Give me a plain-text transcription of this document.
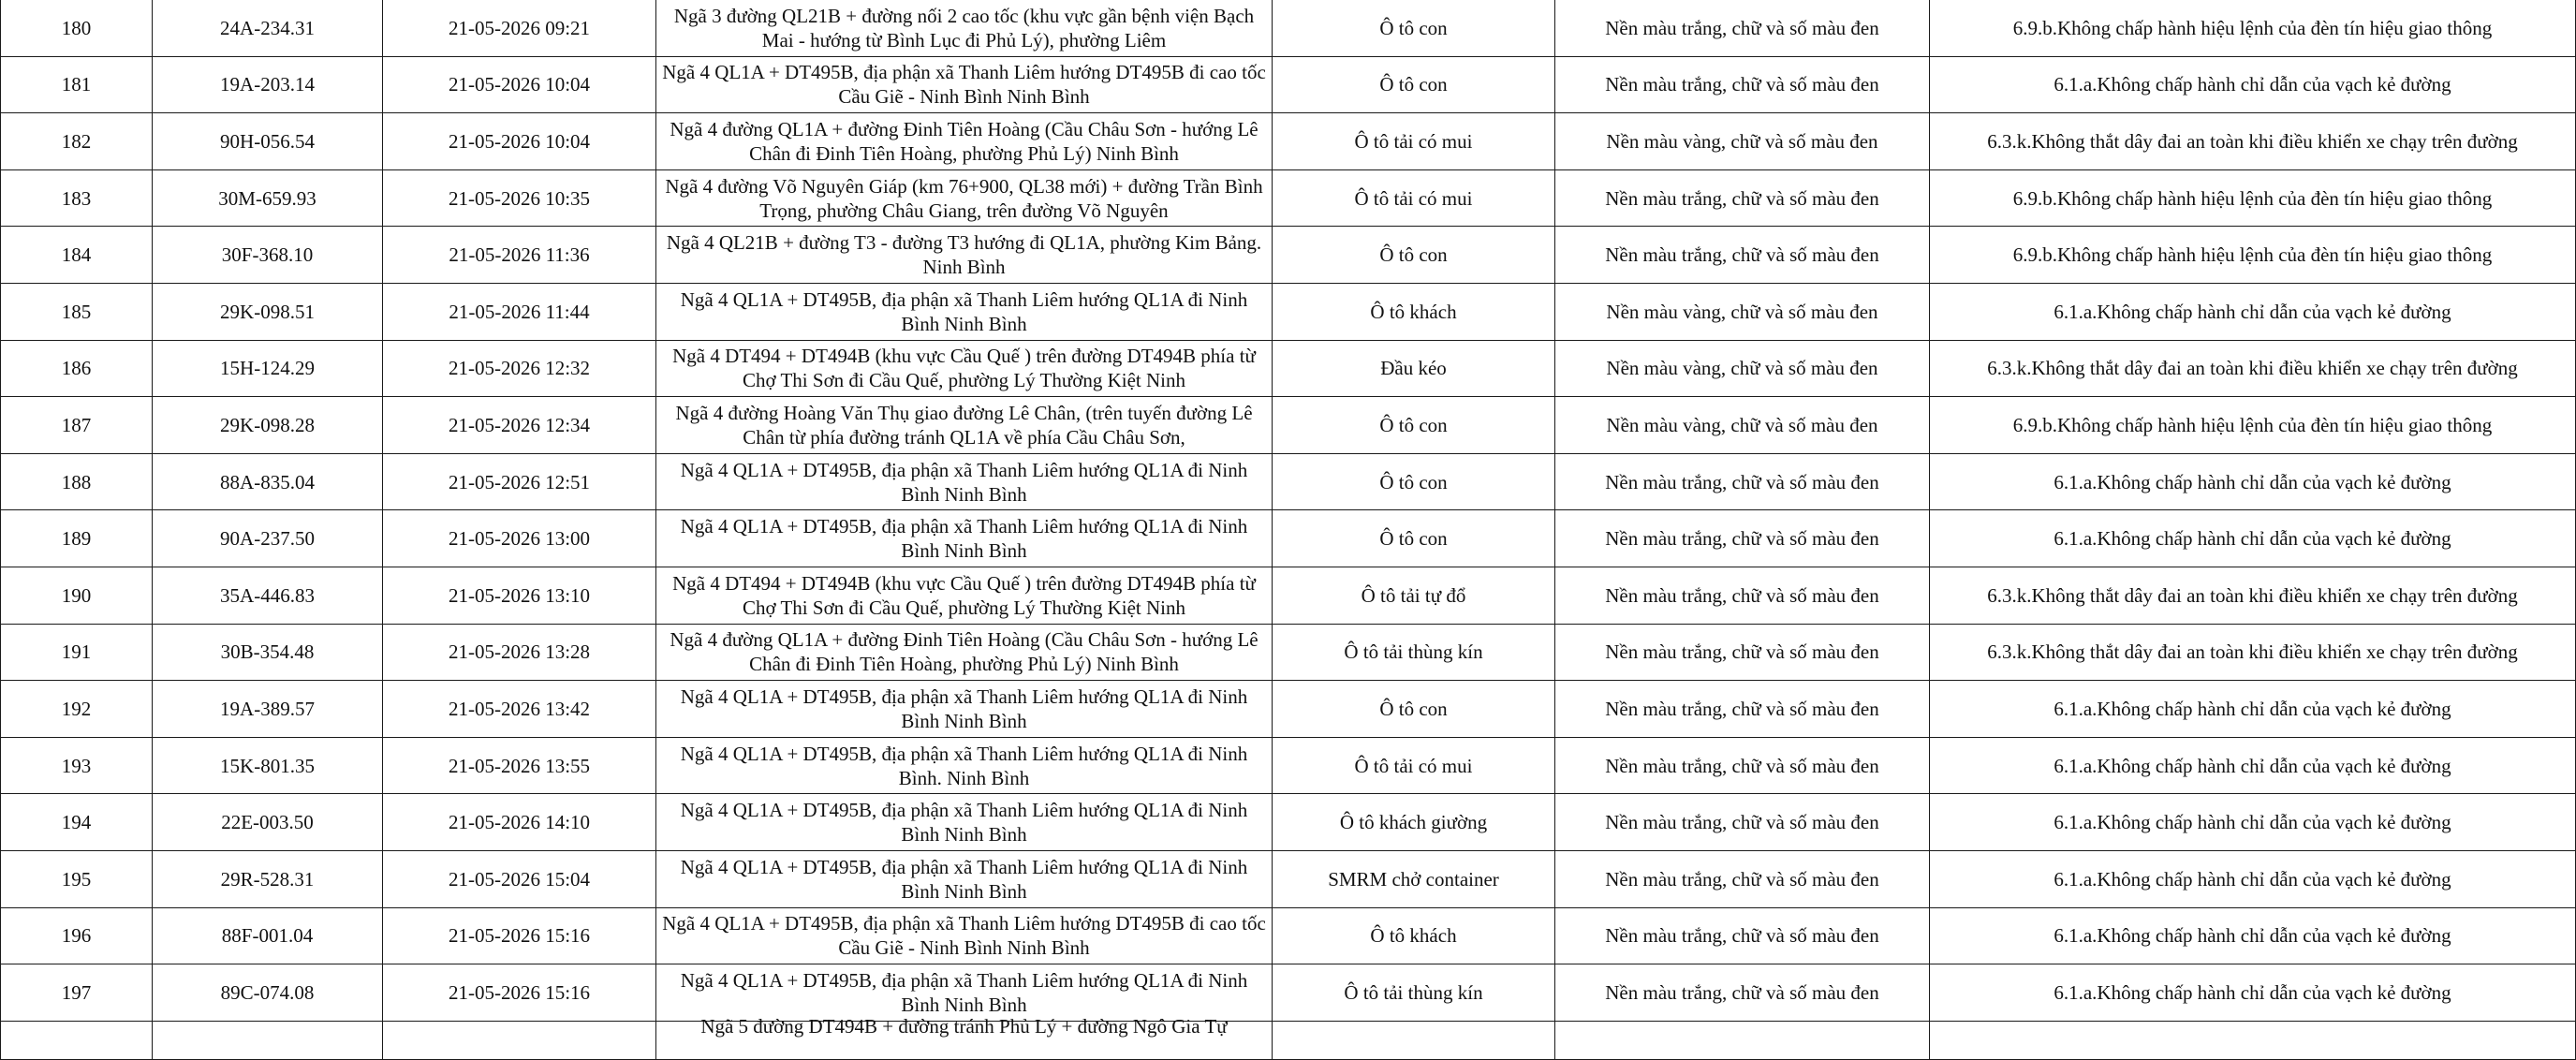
180	24A-234.31	21-05-2026 09:21	Ngã 3 đường QL21B + đường nối 2 cao tốc (khu vực gần bệnh viện Bạch Mai - hướng từ Bình Lục đi Phủ Lý), phường Liêm	Ô tô con	Nền màu trắng, chữ và số màu đen	6.9.b.Không chấp hành hiệu lệnh của đèn tín hiệu giao thông
181	19A-203.14	21-05-2026 10:04	Ngã 4 QL1A + DT495B, địa phận xã Thanh Liêm hướng DT495B đi cao tốc Cầu Giẽ - Ninh Bình Ninh Bình	Ô tô con	Nền màu trắng, chữ và số màu đen	6.1.a.Không chấp hành chỉ dẫn của vạch kẻ đường
182	90H-056.54	21-05-2026 10:04	Ngã 4 đường QL1A + đường Đinh Tiên Hoàng (Cầu Châu Sơn - hướng Lê Chân đi Đinh Tiên Hoàng, phường Phủ Lý) Ninh Bình	Ô tô tải có mui	Nền màu vàng, chữ và số màu đen	6.3.k.Không thắt dây đai an toàn khi điều khiển xe chạy trên đường
183	30M-659.93	21-05-2026 10:35	Ngã 4 đường Võ Nguyên Giáp (km 76+900, QL38 mới) + đường Trần Bình Trọng, phường Châu Giang, trên đường Võ Nguyên	Ô tô tải có mui	Nền màu trắng, chữ và số màu đen	6.9.b.Không chấp hành hiệu lệnh của đèn tín hiệu giao thông
184	30F-368.10	21-05-2026 11:36	Ngã 4 QL21B + đường T3 - đường T3 hướng đi QL1A, phường Kim Bảng. Ninh Bình	Ô tô con	Nền màu trắng, chữ và số màu đen	6.9.b.Không chấp hành hiệu lệnh của đèn tín hiệu giao thông
185	29K-098.51	21-05-2026 11:44	Ngã 4 QL1A + DT495B, địa phận xã Thanh Liêm hướng QL1A đi Ninh Bình Ninh Bình	Ô tô khách	Nền màu vàng, chữ và số màu đen	6.1.a.Không chấp hành chỉ dẫn của vạch kẻ đường
186	15H-124.29	21-05-2026 12:32	Ngã 4 DT494 + DT494B (khu vực Cầu Quế ) trên đường DT494B phía từ Chợ Thi Sơn đi Cầu Quế, phường Lý Thường Kiệt Ninh	Đầu kéo	Nền màu vàng, chữ và số màu đen	6.3.k.Không thắt dây đai an toàn khi điều khiển xe chạy trên đường
187	29K-098.28	21-05-2026 12:34	Ngã 4 đường Hoàng Văn Thụ giao đường Lê Chân, (trên tuyến đường Lê Chân từ phía đường tránh QL1A về phía Cầu Châu Sơn,	Ô tô con	Nền màu vàng, chữ và số màu đen	6.9.b.Không chấp hành hiệu lệnh của đèn tín hiệu giao thông
188	88A-835.04	21-05-2026 12:51	Ngã 4 QL1A + DT495B, địa phận xã Thanh Liêm hướng QL1A đi Ninh Bình Ninh Bình	Ô tô con	Nền màu trắng, chữ và số màu đen	6.1.a.Không chấp hành chỉ dẫn của vạch kẻ đường
189	90A-237.50	21-05-2026 13:00	Ngã 4 QL1A + DT495B, địa phận xã Thanh Liêm hướng QL1A đi Ninh Bình Ninh Bình	Ô tô con	Nền màu trắng, chữ và số màu đen	6.1.a.Không chấp hành chỉ dẫn của vạch kẻ đường
190	35A-446.83	21-05-2026 13:10	Ngã 4 DT494 + DT494B (khu vực Cầu Quế ) trên đường DT494B phía từ Chợ Thi Sơn đi Cầu Quế, phường Lý Thường Kiệt Ninh	Ô tô tải tự đổ	Nền màu trắng, chữ và số màu đen	6.3.k.Không thắt dây đai an toàn khi điều khiển xe chạy trên đường
191	30B-354.48	21-05-2026 13:28	Ngã 4 đường QL1A + đường Đinh Tiên Hoàng (Cầu Châu Sơn - hướng Lê Chân đi Đinh Tiên Hoàng, phường Phủ Lý) Ninh Bình	Ô tô tải thùng kín	Nền màu trắng, chữ và số màu đen	6.3.k.Không thắt dây đai an toàn khi điều khiển xe chạy trên đường
192	19A-389.57	21-05-2026 13:42	Ngã 4 QL1A + DT495B, địa phận xã Thanh Liêm hướng QL1A đi Ninh Bình Ninh Bình	Ô tô con	Nền màu trắng, chữ và số màu đen	6.1.a.Không chấp hành chỉ dẫn của vạch kẻ đường
193	15K-801.35	21-05-2026 13:55	Ngã 4 QL1A + DT495B, địa phận xã Thanh Liêm hướng QL1A đi Ninh Bình. Ninh Bình	Ô tô tải có mui	Nền màu trắng, chữ và số màu đen	6.1.a.Không chấp hành chỉ dẫn của vạch kẻ đường
194	22E-003.50	21-05-2026 14:10	Ngã 4 QL1A + DT495B, địa phận xã Thanh Liêm hướng QL1A đi Ninh Bình Ninh Bình	Ô tô khách giường	Nền màu trắng, chữ và số màu đen	6.1.a.Không chấp hành chỉ dẫn của vạch kẻ đường
195	29R-528.31	21-05-2026 15:04	Ngã 4 QL1A + DT495B, địa phận xã Thanh Liêm hướng QL1A đi Ninh Bình Ninh Bình	SMRM chở container	Nền màu trắng, chữ và số màu đen	6.1.a.Không chấp hành chỉ dẫn của vạch kẻ đường
196	88F-001.04	21-05-2026 15:16	Ngã 4 QL1A + DT495B, địa phận xã Thanh Liêm hướng DT495B đi cao tốc Cầu Giẽ - Ninh Bình Ninh Bình	Ô tô khách	Nền màu trắng, chữ và số màu đen	6.1.a.Không chấp hành chỉ dẫn của vạch kẻ đường
197	89C-074.08	21-05-2026 15:16	Ngã 4 QL1A + DT495B, địa phận xã Thanh Liêm hướng QL1A đi Ninh Bình Ninh Bình	Ô tô tải thùng kín	Nền màu trắng, chữ và số màu đen	6.1.a.Không chấp hành chỉ dẫn của vạch kẻ đường

			Ngã 5 đường DT494B + đường tránh Phủ Lý + đường Ngô Gia Tự			
